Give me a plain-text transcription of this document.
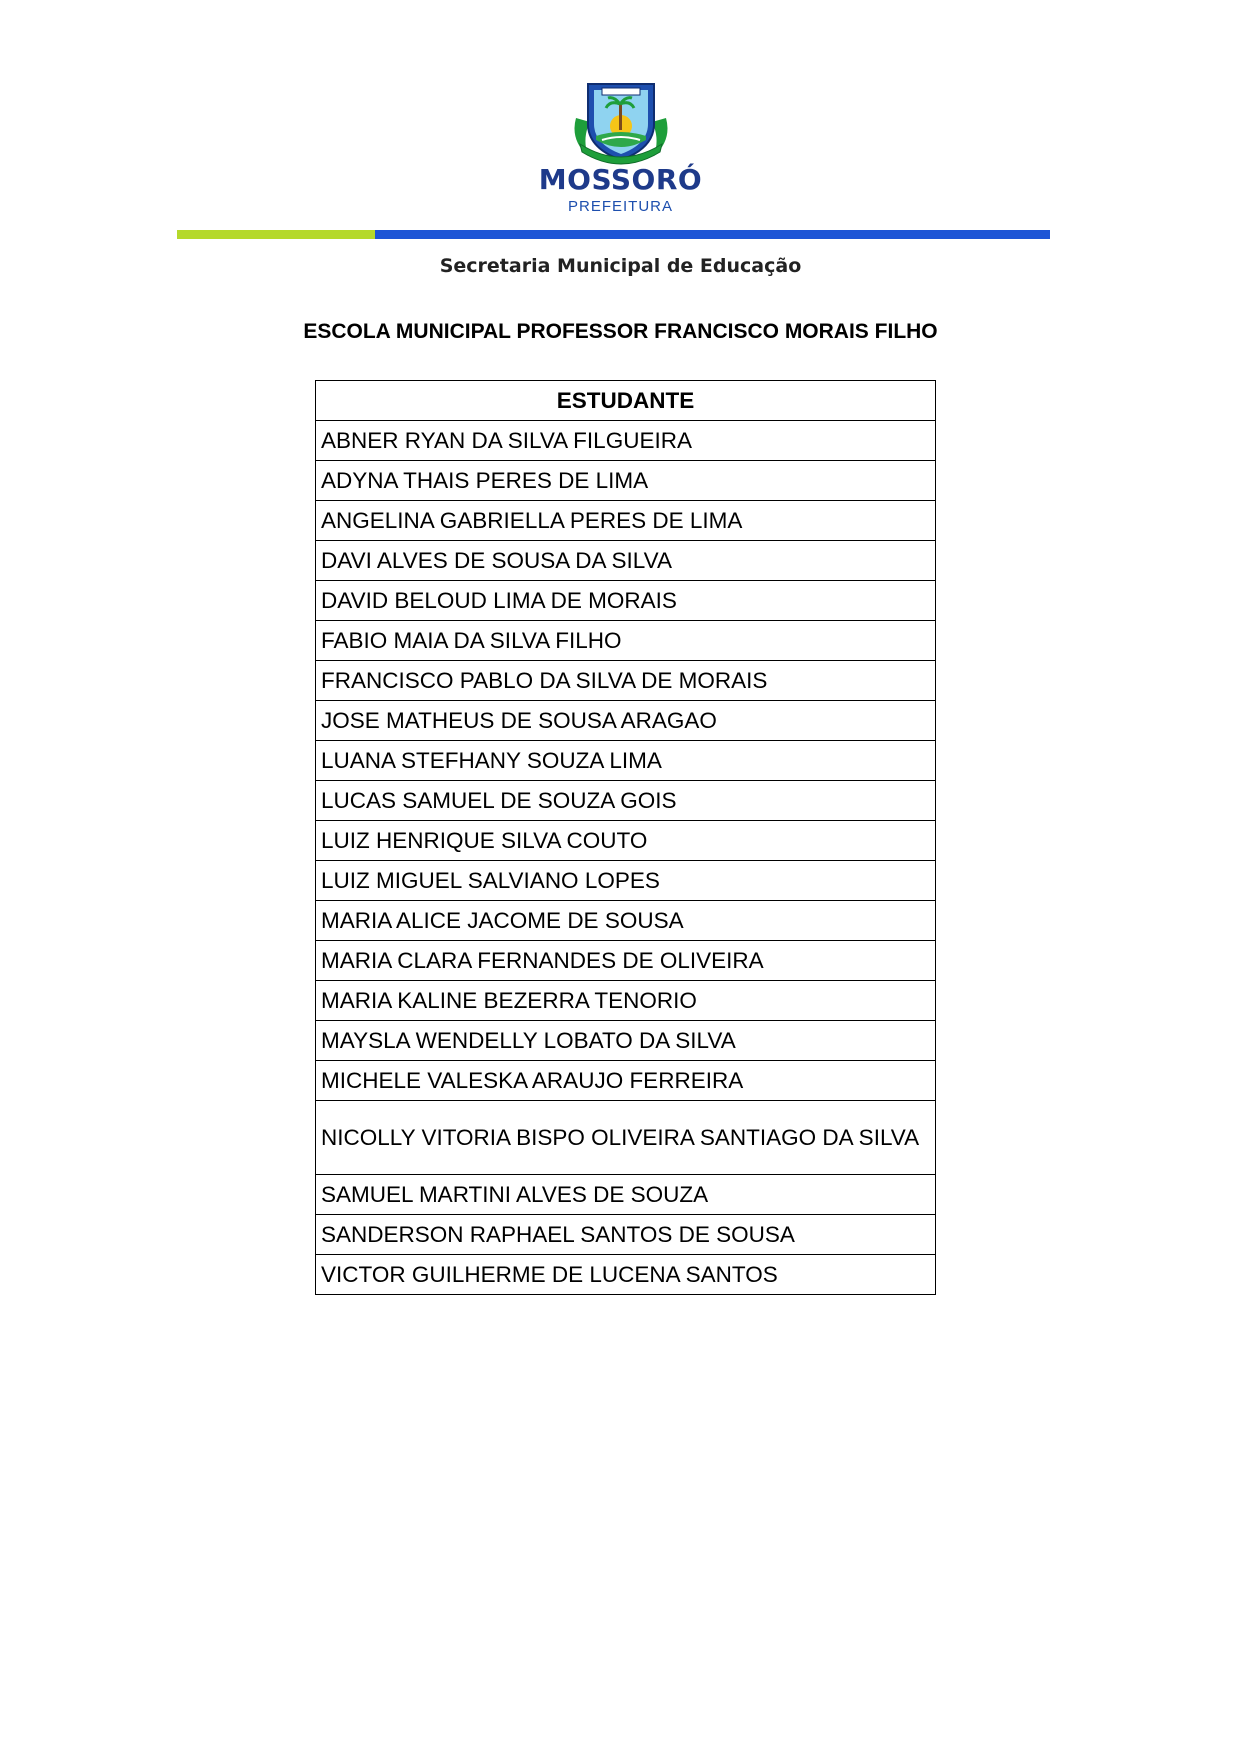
MOSSORÓ
PREFEITURA
Secretaria Municipal de Educação
ESCOLA MUNICIPAL PROFESSOR FRANCISCO MORAIS FILHO
ESTUDANTE
ABNER RYAN DA SILVA FILGUEIRA
ADYNA THAIS PERES DE LIMA
ANGELINA GABRIELLA PERES DE LIMA
DAVI ALVES DE SOUSA DA SILVA
DAVID BELOUD LIMA DE MORAIS
FABIO MAIA DA SILVA FILHO
FRANCISCO PABLO DA SILVA DE MORAIS
JOSE MATHEUS DE SOUSA ARAGAO
LUANA STEFHANY SOUZA LIMA
LUCAS SAMUEL DE SOUZA GOIS
LUIZ HENRIQUE SILVA COUTO
LUIZ MIGUEL SALVIANO LOPES
MARIA ALICE JACOME DE SOUSA
MARIA CLARA FERNANDES DE OLIVEIRA
MARIA KALINE BEZERRA TENORIO
MAYSLA WENDELLY LOBATO DA SILVA
MICHELE VALESKA ARAUJO FERREIRA
NICOLLY VITORIA BISPO OLIVEIRA SANTIAGO DA SILVA
SAMUEL MARTINI ALVES DE SOUZA
SANDERSON RAPHAEL SANTOS DE SOUSA
VICTOR GUILHERME DE LUCENA SANTOS
